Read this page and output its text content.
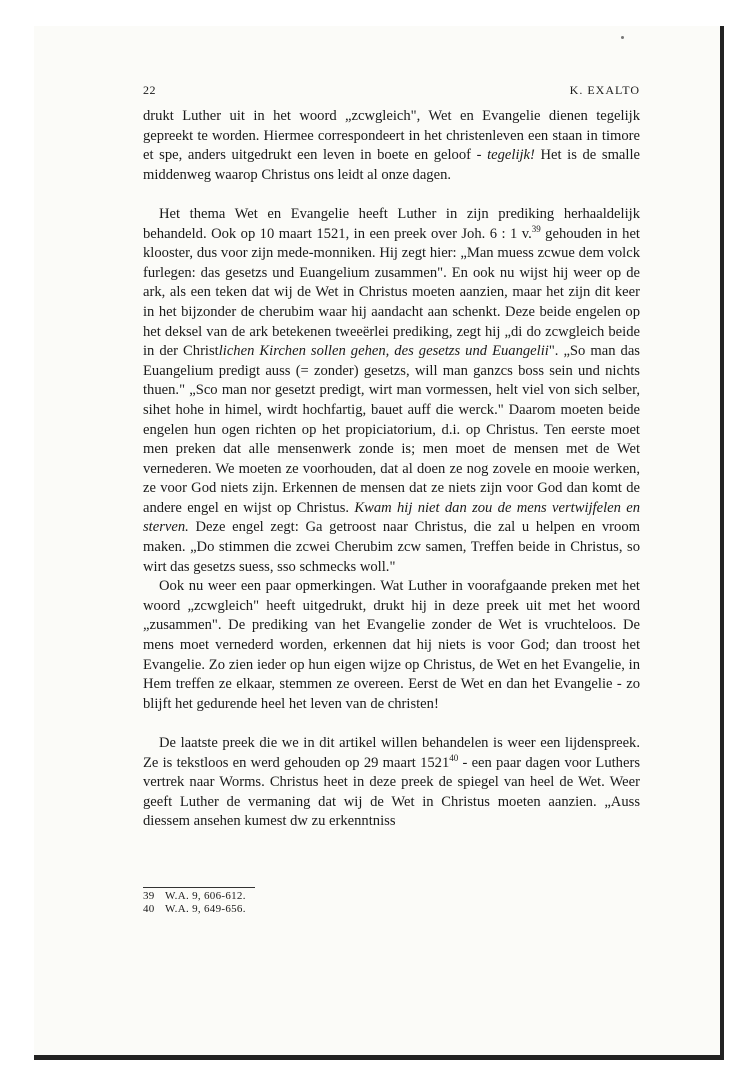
22	K. EXALTO

drukt Luther uit in het woord „zcwgleich", Wet en Evangelie dienen tegelijk gepreekt te worden. Hiermee correspondeert in het christenleven een staan in timore et spe, anders uitgedrukt een leven in boete en geloof - tegelijk! Het is de smalle middenweg waarop Christus ons leidt al onze dagen.

Het thema Wet en Evangelie heeft Luther in zijn prediking herhaaldelijk behandeld. Ook op 10 maart 1521, in een preek over Joh. 6 : 1 v.$^{39}$ gehouden in het klooster, dus voor zijn mede-monniken. Hij zegt hier: „Man muess zcwue dem volck furlegen: das gesetzs und Euangelium zusammen". En ook nu wijst hij weer op de ark, als een teken dat wij de Wet in Christus moeten aanzien, maar het zijn dit keer in het bijzonder de cherubim waar hij aandacht aan schenkt. Deze beide engelen op het deksel van de ark betekenen tweeërlei prediking, zegt hij „di do zcwgleich beide in der Christlichen Kirchen sollen gehen, des gesetzs und Euangelii". „So man das Euangelium predigt auss (= zonder) gesetzs, will man ganzcs boss sein und nichts thuen." „Sco man nor gesetzt predigt, wirt man vormessen, helt viel von sich selber, sihet hohe in himel, wirdt hochfartig, bauet auff die werck." Daarom moeten beide engelen hun ogen richten op het propiciatorium, d.i. op Christus. Ten eerste moet men preken dat alle mensenwerk zonde is; men moet de mensen met de Wet vernederen. We moeten ze voorhouden, dat al doen ze nog zovele en mooie werken, ze voor God niets zijn. Erkennen de mensen dat ze niets zijn voor God dan komt de andere engel en wijst op Christus. Kwam hij niet dan zou de mens vertwijfelen en sterven. Deze engel zegt: Ga getroost naar Christus, die zal u helpen en vroom maken. „Do stimmen die zcwei Cherubim zcw samen, Treffen beide in Christus, so wirt das gesetzs suess, sso schmecks woll."

Ook nu weer een paar opmerkingen. Wat Luther in voorafgaande preken met het woord „zcwgleich" heeft uitgedrukt, drukt hij in deze preek uit met het woord „zusammen". De prediking van het Evangelie zonder de Wet is vruchteloos. De mens moet vernederd worden, erkennen dat hij niets is voor God; dan troost het Evangelie. Zo zien ieder op hun eigen wijze op Christus, de Wet en het Evangelie, in Hem treffen ze elkaar, stemmen ze overeen. Eerst de Wet en dan het Evangelie - zo blijft het gedurende heel het leven van de christen!

De laatste preek die we in dit artikel willen behandelen is weer een lijdenspreek. Ze is tekstloos en werd gehouden op 29 maart 1521$^{40}$ - een paar dagen voor Luthers vertrek naar Worms. Christus heet in deze preek de spiegel van heel de Wet. Weer geeft Luther de vermaning dat wij de Wet in Christus moeten aanzien. „Auss diessem ansehen kumest dw zu erkenntniss

39 W.A. 9, 606-612.
40 W.A. 9, 649-656.
